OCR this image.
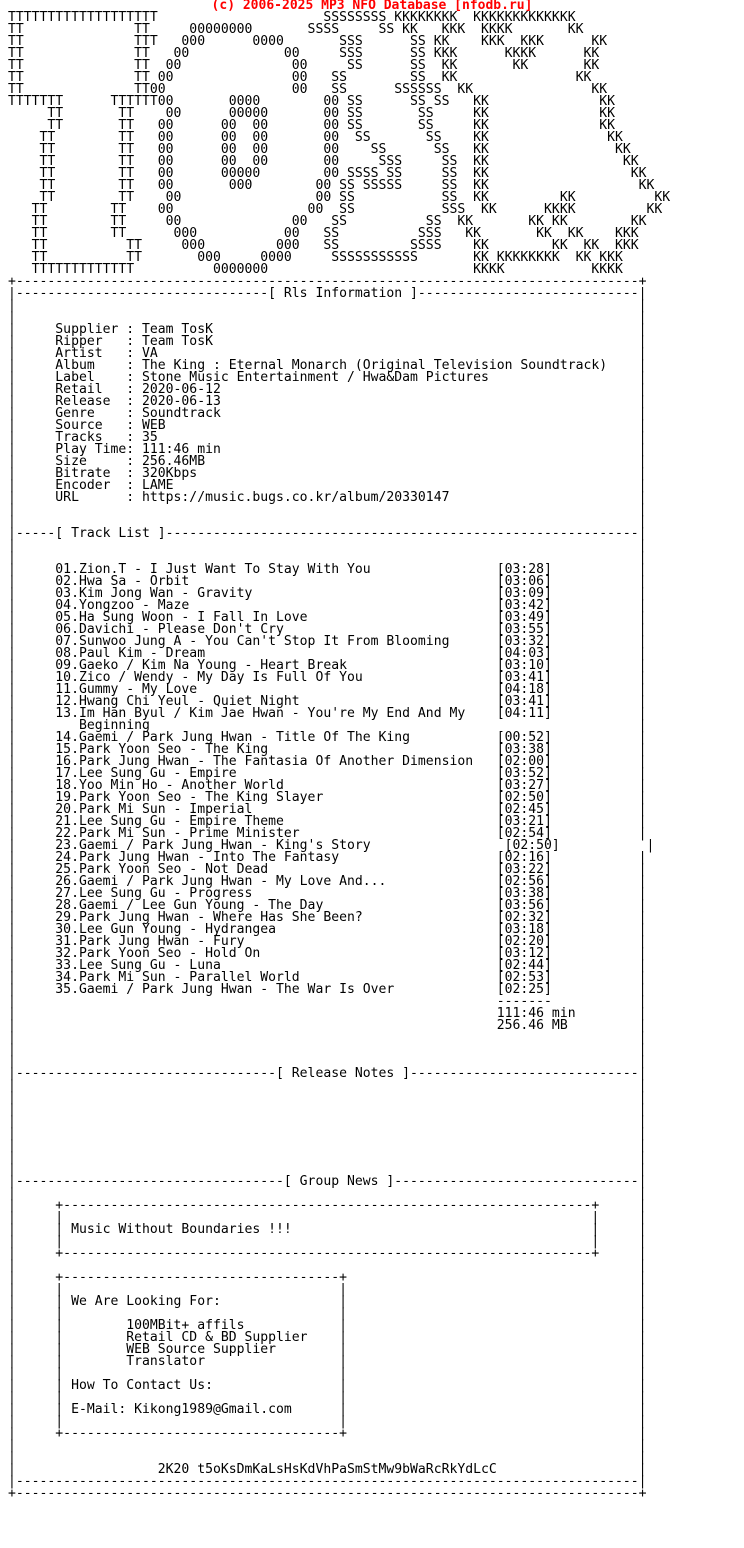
(c) 2006-2025 MP3 NFO Database [nfodb.ru]
TTTTTTTTTTTTTTTTTTT                     SSSSSSSS KKKKKKKK  KKKKKKKKKKKKK
TT              TT     00000000       SSSS     SS KK   KKK  KKKK       KK
TT              TTT   000      0000       SSS      SS KK    KKK  KKK      KK
TT              TT   00            00     SSS      SS KKK      KKKK      KK
TT              TT  00              00     SS      SS  KK       KK       KK
TT              TT 00               00   SS        SS  KK               KK
TT              TT00                00   SS      SSSSSS  KK               KK
TTTTTTT      TTTTTT00       0000        00 SS      SS SS   KK              KK
TT       TT    00      00000       00 SS       SS     KK              KK
TT       TT   00      00  00       00 SS       SS     KK              KK
TT        TT   00      00  00       00  SS       SS    KK               KK
TT        TT   00      00  00       00    SS      SS   KK                KK
TT        TT   00      00  00       00     SSS     SS  KK                 KK
TT        TT   00      00000        00 SSSS SS     SS  KK                  KK
TT        TT   00       000        00 SS SSSSS     SS  KK                   KK
TT        TT    00                 00 SS           SS  KK         KK          KK
TT        TT    00                 00  SS           SSS  KK      KKKK         KK
TT        TT     00              00   SS          SS  KK       KK KK        KK
TT        TT      000           00   SS          SSS   KK       KK  KK    KKK
TT          TT     000         000   SS         SSSS    KK        KK  KK  KKK
TT          TT       000     0000     SSSSSSSSSSS       KK KKKKKKKK  KK KKK
TTTTTTTTTTTTT          0000000                          KKKK           KKKK
+-------------------------------------------------------------------------------+
|--------------------------------[ Rls Information ]----------------------------|
|                                                                               |
|                                                                               |
|     Supplier : Team TosK                                                      |
|     Ripper   : Team TosK                                                      |
|     Artist   : VA                                                             |
|     Album    : The King : Eternal Monarch (Original Television Soundtrack)    |
|     Label    : Stone Music Entertainment / Hwa&Dam Pictures                   |
|     Retail   : 2020-06-12                                                     |
|     Release  : 2020-06-13                                                     |
|     Genre    : Soundtrack                                                     |
|     Source   : WEB                                                            |
|     Tracks   : 35                                                             |
|     Play Time: 111:46 min                                                     |
|     Size     : 256.46MB                                                       |
|     Bitrate  : 320Kbps                                                        |
|     Encoder  : LAME                                                           |
|     URL      : https://music.bugs.co.kr/album/20330147                        |
|                                                                               |
|                                                                               |
|-----[ Track List ]------------------------------------------------------------|
|                                                                               |
|                                                                               |
|     01.Zion.T - I Just Want To Stay With You                [03:28]           |
|     02.Hwa Sa - Orbit                                       [03:06]           |
|     03.Kim Jong Wan - Gravity                               [03:09]           |
|     04.Yongzoo - Maze                                       [03:42]           |
|     05.Ha Sung Woon - I Fall In Love                        [03:49]           |
|     06.Davichi - Please Don't Cry                           [03:55]           |
|     07.Sunwoo Jung A - You Can't Stop It From Blooming      [03:32]           |
|     08.Paul Kim - Dream                                     [04:03]           |
|     09.Gaeko / Kim Na Young - Heart Break                   [03:10]           |
|     10.Zico / Wendy - My Day Is Full Of You                 [03:41]           |
|     11.Gummy - My Love                                      [04:18]           |
|     12.Hwang Chi Yeul - Quiet Night                         [03:41]           |
|     13.Im Han Byul / Kim Jae Hwan - You're My End And My    [04:11]           |
|        Beginning                                                              |
|     14.Gaemi / Park Jung Hwan - Title Of The King           [00:52]           |
|     15.Park Yoon Seo - The King                             [03:38]           |
|     16.Park Jung Hwan - The Fantasia Of Another Dimension   [02:00]           |
|     17.Lee Sung Gu - Empire                                 [03:52]           |
|     18.Yoo Min Ho - Another World                           [03:27]           |
|     19.Park Yoon Seo - The King Slayer                      [02:50]           |
|     20.Park Mi Sun - Imperial                               [02:45]           |
|     21.Lee Sung Gu - Empire Theme                           [03:21]           |
|     22.Park Mi Sun - Prime Minister                         [02:54]           |
|     23.Gaemi / Park Jung Hwan - King's Story                 [02:50]           |
|     24.Park Jung Hwan - Into The Fantasy                    [02:16]           |
|     25.Park Yoon Seo - Not Dead                             [03:22]           |
|     26.Gaemi / Park Jung Hwan - My Love And...              [02:56]           |
|     27.Lee Sung Gu - Progress                               [03:38]           |
|     28.Gaemi / Lee Gun Young - The Day                      [03:56]           |
|     29.Park Jung Hwan - Where Has She Been?                 [02:32]           |
|     30.Lee Gun Young - Hydrangea                            [03:18]           |
|     31.Park Jung Hwan - Fury                                [02:20]           |
|     32.Park Yoon Seo - Hold On                              [03:12]           |
|     33.Lee Sung Gu - Luna                                   [02:44]           |
|     34.Park Mi Sun - Parallel World                         [02:53]           |
|     35.Gaemi / Park Jung Hwan - The War Is Over             [02:25]           |
|                                                             -------           |
|                                                             111:46 min        |
|                                                             256.46 MB         |
|                                                                               |
|                                                                               |
|                                                                               |
|---------------------------------[ Release Notes ]-----------------------------|
|                                                                               |
|                                                                               |
|                                                                               |
|                                                                               |
|                                                                               |
|                                                                               |
|                                                                               |
|                                                                               |
|----------------------------------[ Group News ]-------------------------------|
|                                                                               |
|     +-------------------------------------------------------------------+     |
|     |                                                                   |     |
|     | Music Without Boundaries !!!                                      |     |
|     |                                                                   |     |
|     +-------------------------------------------------------------------+     |
|                                                                               |
|     +-----------------------------------+                                     |
|     |                                   |                                     |
|     | We Are Looking For:               |                                     |
|     |                                   |                                     |
|     |        100MBit+ affils            |                                     |
|     |        Retail CD & BD Supplier    |                                     |
|     |        WEB Source Supplier        |                                     |
|     |        Translator                 |                                     |
|     |                                   |                                     |
|     | How To Contact Us:                |                                     |
|     |                                   |                                     |
|     | E-Mail: Kikong1989@Gmail.com      |                                     |
|     |                                   |                                     |
|     +-----------------------------------+                                     |
|                                                                               |
|                                                                               |
|                  2K20 t5oKsDmKaLsHsKdVhPaSmStMw9bWaRcRkYdLcC                  |
|-------------------------------------------------------------------------------|
+-------------------------------------------------------------------------------+
